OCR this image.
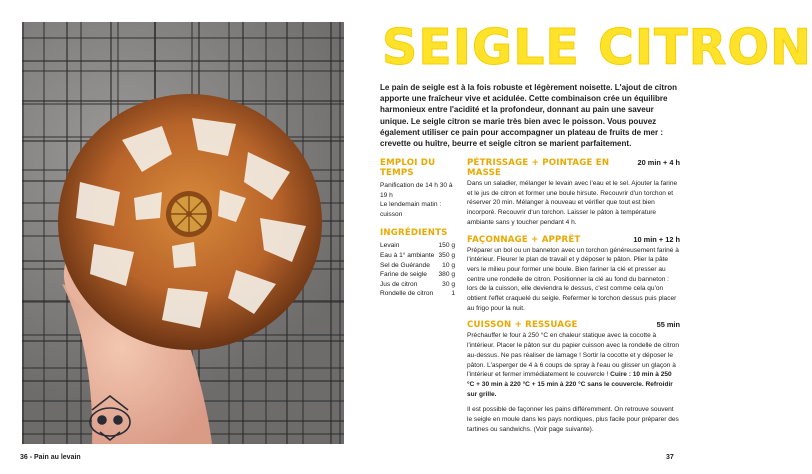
SEIGLE CITRON

Le pain de seigle est à la fois robuste et légèrement noisette. L'ajout de citron apporte une fraîcheur vive et acidulée. Cette combinaison crée un équilibre harmonieux entre l'acidité et la profondeur, donnant au pain une saveur unique. Le seigle citron se marie très bien avec le poisson. Vous pouvez également utiliser ce pain pour accompagner un plateau de fruits de mer : crevette ou huître, beurre et seigle citron se marient parfaitement.

EMPLOI DU TEMPS
Panification de 14 h 30 à 19 h
Le lendemain matin : cuisson
INGRÉDIENTS
Levain	150 g
Eau à 1° ambiante 350 g
Sel de Guérande 10 g
Farine de seigle 380 g
Jus de citron	30 g
Rondelle de citron	1
PÉTRISSAGE + POINTAGE EN MASSE
20 min + 4 h

Dans un saladier, mélanger le levain avec l'eau et le sel. Ajouter la farine et le jus de citron et former une boule hirsute. Recouvrir d'un torchon et réserver 20 min. Mélanger à nouveau et vérifier que tout est bien incorporé. Recouvrir d'un torchon. Laisser le pâton à température ambiante sans y toucher pendant 4 h.

FAÇONNAGE + APPRÊT	10 min + 12 h

Préparer un bol ou un banneton avec un torchon généreusement fariné à l'intérieur. Fleurer le plan de travail et y déposer le pâton. Plier la pâte vers le milieu pour former une boule. Bien fariner la clé et presser au centre une rondelle de citron. Positionner la clé au fond du banneton : lors de la cuisson, elle deviendra le dessus, c'est comme cela qu'on obtient l'effet craquelé du seigle. Refermer le torchon dessus puis placer au frigo pour la nuit.

CUISSON + RESSUAGE	55 min

Préchauffer le four à 250 °C en chaleur statique avec la cocotte à l'intérieur. Placer le pâton sur du papier cuisson avec la rondelle de citron au-dessus. Ne pas réaliser de lamage ! Sortir la cocotte et y déposer le pâton. L'asperger de 4 à 6 coups de spray à l'eau ou glisser un glaçon à l'intérieur et fermer immédiatement le couvercle ! Cuire : 10 min à 250 °C + 30 min à 220 °C + 15 min à 220 °C sans le couvercle. Refroidir sur grille.

Il est possible de façonner les pains différemment. On retrouve souvent le seigle en moule dans les pays nordiques, plus facile pour préparer des tartines ou sandwichs. (Voir page suivante).

36 - Pain au levain	37
